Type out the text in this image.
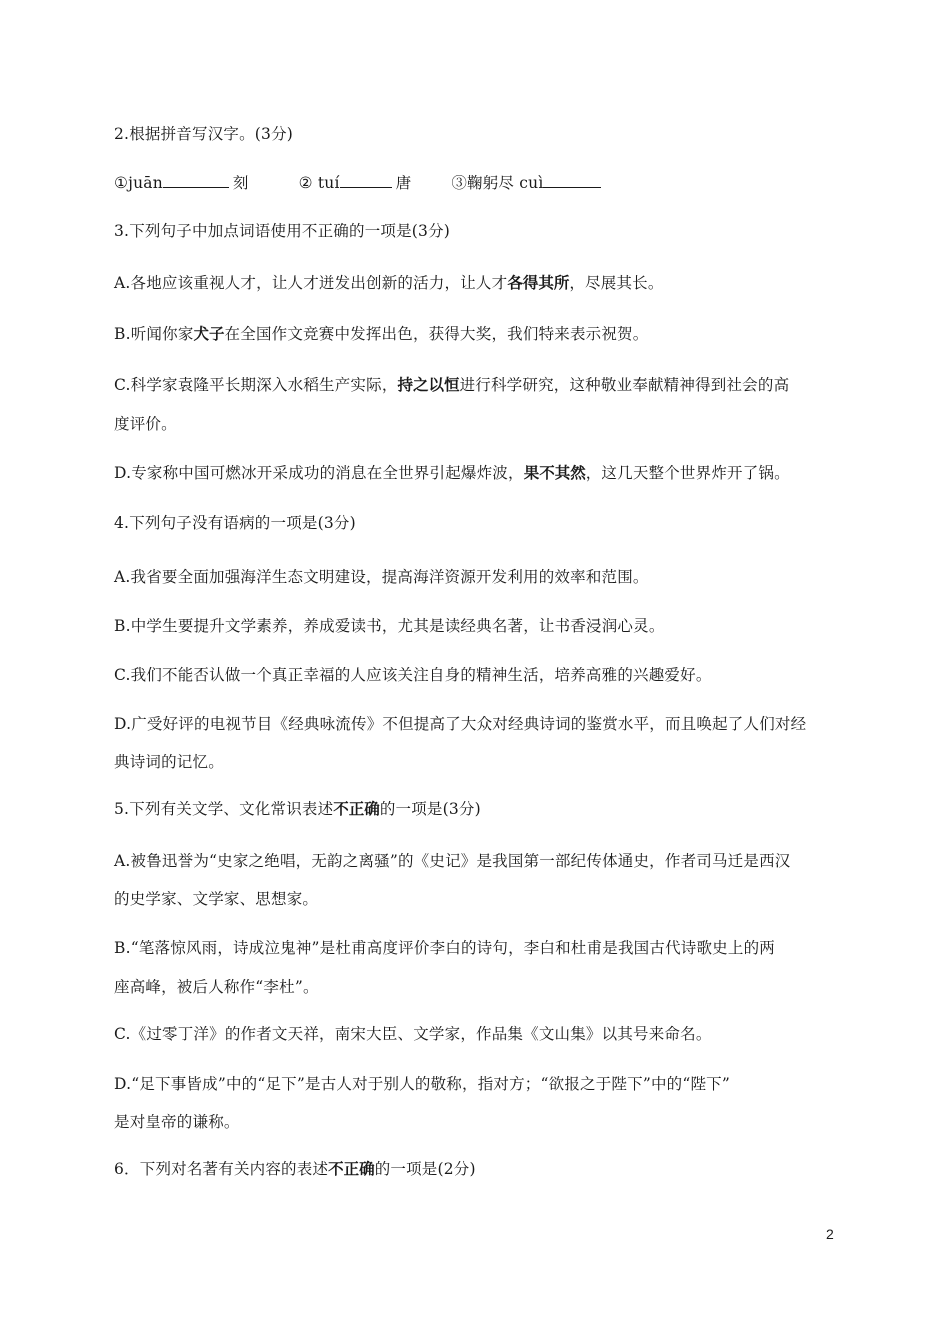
2.根据拼音写汉字。(3分)
①juān	刻	② tuí	唐	③鞠躬尽 cuì
3.下列句子中加点词语使用不正确的一项是(3分)
A.各地应该重视人才，让人才迸发出创新的活力，让人才各得其所，尽展其长。
B.听闻你家犬子在全国作文竞赛中发挥出色，获得大奖，我们特来表示祝贺。
C.科学家袁隆平长期深入水稻生产实际，持之以恒进行科学研究，这种敬业奉献精神得到社会的高
度评价。
D.专家称中国可燃冰开采成功的消息在全世界引起爆炸波，果不其然，这几天整个世界炸开了锅。
4.下列句子没有语病的一项是(3分)
A.我省要全面加强海洋生态文明建设，提高海洋资源开发利用的效率和范围。
B.中学生要提升文学素养，养成爱读书，尤其是读经典名著，让书香浸润心灵。
C.我们不能否认做一个真正幸福的人应该关注自身的精神生活，培养高雅的兴趣爱好。
D.广受好评的电视节目《经典咏流传》不但提高了大众对经典诗词的鉴赏水平，而且唤起了人们对经
典诗词的记忆。
5.下列有关文学、文化常识表述不正确的一项是(3分)
A.被鲁迅誉为“史家之绝唱，无韵之离骚”的《史记》是我国第一部纪传体通史，作者司马迁是西汉
的史学家、文学家、思想家。
B.“笔落惊风雨，诗成泣鬼神”是杜甫高度评价李白的诗句，李白和杜甫是我国古代诗歌史上的两
座高峰，被后人称作“李杜”。
C.《过零丁洋》的作者文天祥，南宋大臣、文学家，作品集《文山集》以其号来命名。
D.“足下事皆成”中的“足下”是古人对于别人的敬称，指对方；“欲报之于陛下”中的“陛下”
是对皇帝的谦称。
6．下列对名著有关内容的表述不正确的一项是(2分)
2
